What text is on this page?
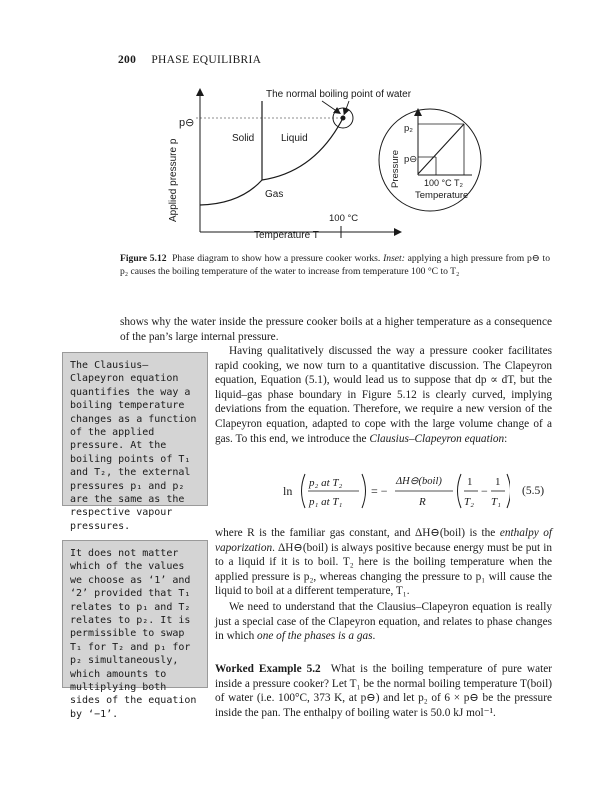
200 PHASE EQUILIBRIA
Applied pressure p
p⊖
100 °C
Temperature T
Solid	Liquid
Gas
The normal boiling point of water
Pressure
p₂
p⊖
100 °C T₂
Temperature
Figure 5.12 Phase diagram to show how a pressure cooker works. Inset: applying a high pressure from p⊖ to p₂ causes the boiling temperature of the water to increase from temperature 100 °C to T₂
shows why the water inside the pressure cooker boils at a higher temperature as a consequence of the pan’s large internal pressure.
Having qualitatively discussed the way a pressure cooker facilitates rapid cooking, we now turn to a quantitative discussion. The Clapeyron equation, Equation (5.1), would lead us to suppose that dp ∝ dT, but the liquid–gas phase boundary in Figure 5.12 is clearly curved, implying deviations from the equation. Therefore, we require a new version of the Clapeyron equation, adapted to cope with the large volume change of a gas. To this end, we introduce the Clausius–Clapeyron equation:
The Clausius–Clapeyron equation quantifies the way a boiling temperature changes as a function of the applied pressure. At the boiling points of T₁ and T₂, the external pressures p₁ and p₂ are the same as the respective vapour pressures.
It does not matter which of the values we choose as ‘1’ and ‘2’ provided that T₁ relates to p₁ and T₂ relates to p₂. It is permissible to swap T₁ for T₂ and p₁ for p₂ simultaneously, which amounts to multiplying both sides of the equation by ‘−1’.
ln
p₂ at T₂
p₁ at T₁
= −
ΔH⊖(boil)
R
1
T₂
−
1
T₁
(5.5)
where R is the familiar gas constant, and ΔH⊖(boil) is the enthalpy of vaporization. ΔH⊖(boil) is always positive because energy must be put in to a liquid if it is to boil. T₂ here is the boiling temperature when the applied pressure is p₂, whereas changing the pressure to p₁ will cause the liquid to boil at a different temperature, T₁.
We need to understand that the Clausius–Clapeyron equation is really just a special case of the Clapeyron equation, and relates to phase changes in which one of the phases is a gas.
Worked Example 5.2 What is the boiling temperature of pure water inside a pressure cooker? Let T₁ be the normal boiling temperature T(boil) of water (i.e. 100°C, 373 K, at p⊖) and let p₂ of 6 × p⊖ be the pressure inside the pan. The enthalpy of boiling water is 50.0 kJ mol⁻¹.
